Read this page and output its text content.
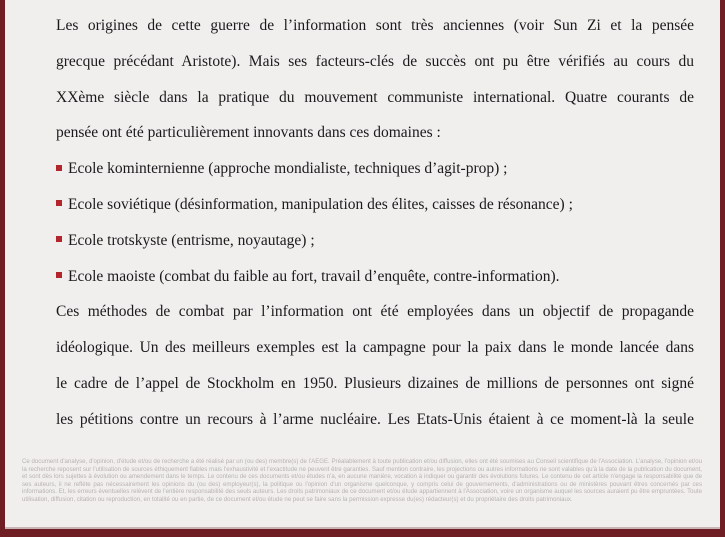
Les origines de cette guerre de l’information sont très anciennes (voir Sun Zi et la pensée
grecque précédant Aristote). Mais ses facteurs-clés de succès ont pu être vérifiés au cours du
XXème siècle dans la pratique du mouvement communiste international. Quatre courants de
pensée ont été particulièrement innovants dans ces domaines :
Ecole kominternienne (approche mondialiste, techniques d’agit-prop) ;
Ecole soviétique (désinformation, manipulation des élites, caisses de résonance) ;
Ecole trotskyste (entrisme, noyautage) ;
Ecole maoiste (combat du faible au fort, travail d’enquête, contre-information).
Ces méthodes de combat par l’information ont été employées dans un objectif de propagande
idéologique. Un des meilleurs exemples est la campagne pour la paix dans le monde lancée dans
le cadre de l’appel de Stockholm en 1950. Plusieurs dizaines de millions de personnes ont signé
les pétitions contre un recours à l’arme nucléaire. Les Etats-Unis étaient à ce moment-là la seule
Ce document d'analyse, d'opinion, d'étude et/ou de recherche a été réalisé par un (ou des) membre(s) de l'AEGE. Préalablement à toute publication et/ou diffusion, elles ont été soumises au Conseil scientifique de l'Association. L'analyse, l'opinion et/ou la recherche reposent sur l'utilisation de sources éthiquement fiables mais l'exhaustivité et l'exactitude ne peuvent être garanties. Sauf mention contraire, les projections ou autres informations ne sont valables qu'à la date de la publication du document, et sont dès lors sujettes à évolution ou amendement dans le temps. Le contenu de ces documents et/ou études n'a, en aucune manière, vocation à indiquer ou garantir des évolutions futures. Le contenu de cet article n'engage la responsabilité que de ses auteurs, il ne reflète pas nécessairement les opinions du (ou des) employeur(s), la politique ou l'opinion d'un organisme quelconque, y compris celui de gouvernements, d'administrations ou de ministères pouvant êtres concernés par ces informations. Et, les erreurs éventuelles relèvent de l'entière responsabilité des seuls auteurs. Les droits patrimoniaux de ce document et/ou étude appartiennent à l'Association, voire un organisme auquel les sources auraient pu être empruntées. Toute utilisation, diffusion, citation ou reproduction, en totalité ou en partie, de ce document et/ou étude ne peut se faire sans la permission expresse du(es) rédacteur(s) et du propriétaire des droits patrimoniaux.
